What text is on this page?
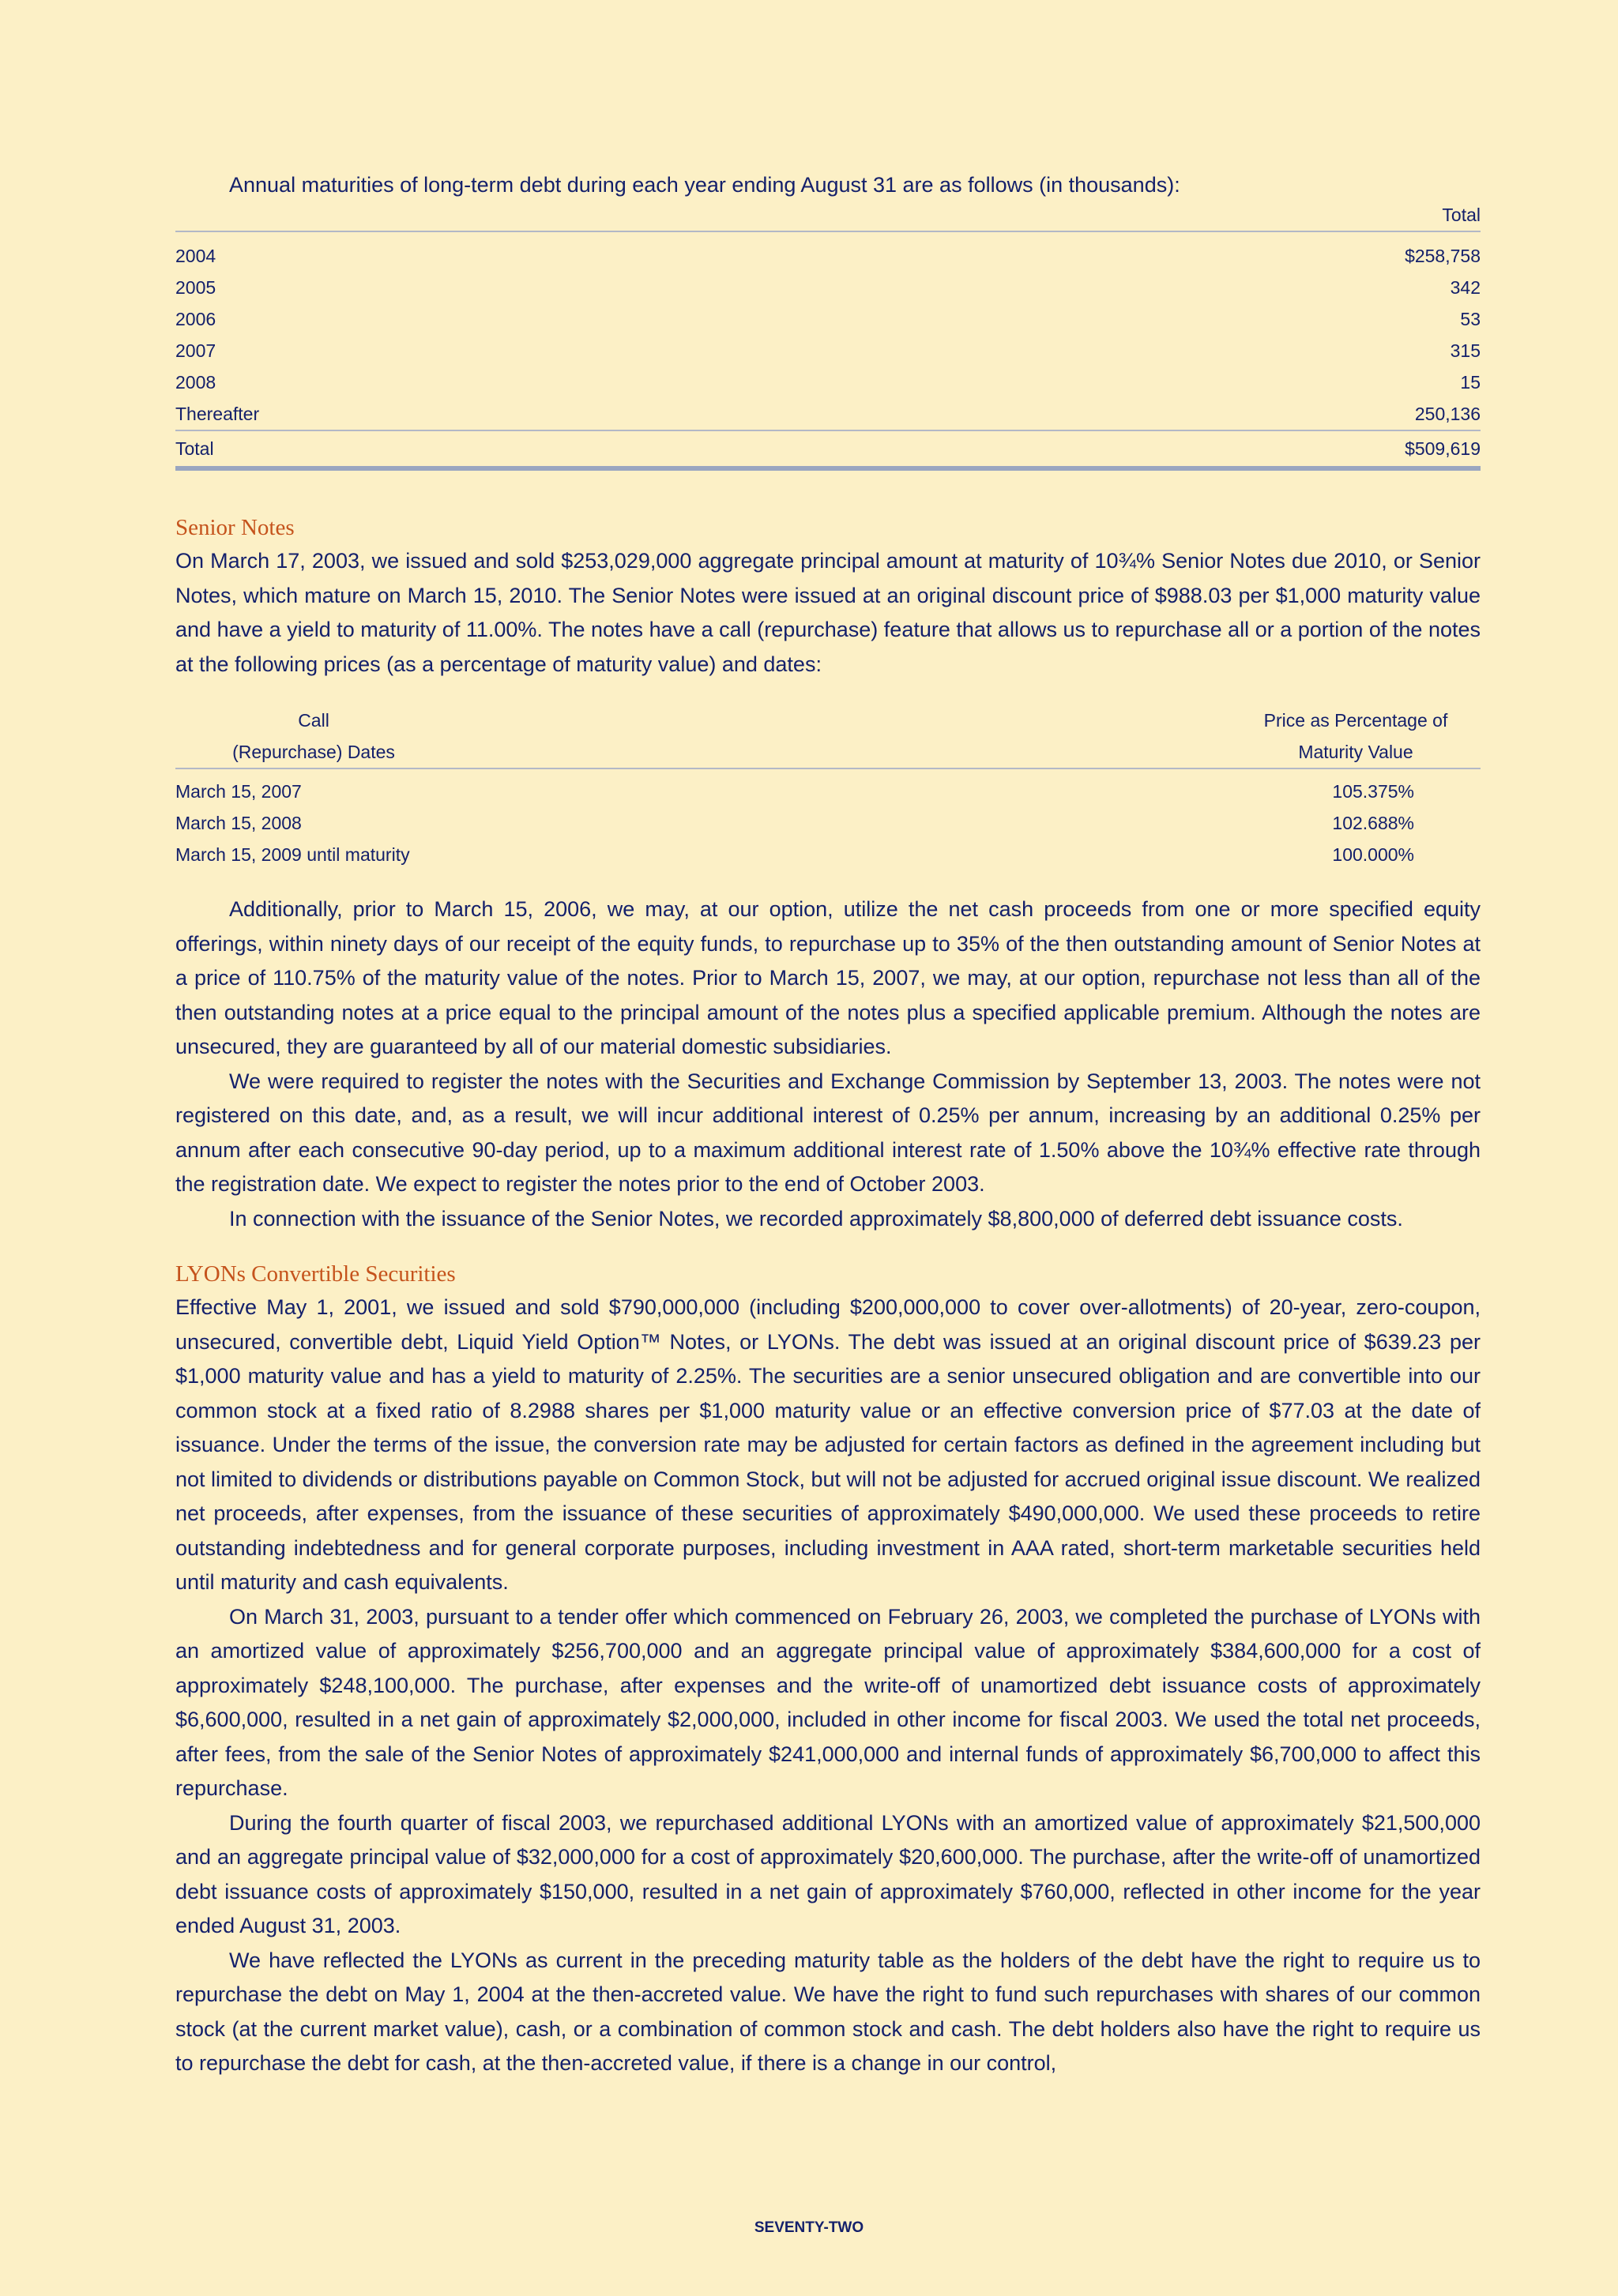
Annual maturities of long-term debt during each year ending August 31 are as follows (in thousands):
Total
2004	$258,758
2005	342
2006	53
2007	315
2008	15
Thereafter	250,136
Total	$509,619
Senior Notes

On March 17, 2003, we issued and sold $253,029,000 aggregate principal amount at maturity of 10¾% Senior Notes due 2010, or Senior Notes, which mature on March 15, 2010. The Senior Notes were issued at an original discount price of $988.03 per $1,000 maturity value and have a yield to maturity of 11.00%. The notes have a call (repurchase) feature that allows us to repurchase all or a portion of the notes at the following prices (as a percentage of maturity value) and dates:

Call
(Repurchase) Dates
Price as Percentage of
Maturity Value
March 15, 2007	105.375%
March 15, 2008	102.688%
March 15, 2009 until maturity	100.000%

Additionally, prior to March 15, 2006, we may, at our option, utilize the net cash proceeds from one or more specified equity offerings, within ninety days of our receipt of the equity funds, to repurchase up to 35% of the then outstanding amount of Senior Notes at a price of 110.75% of the maturity value of the notes. Prior to March 15, 2007, we may, at our option, repurchase not less than all of the then outstanding notes at a price equal to the principal amount of the notes plus a specified applicable premium. Although the notes are unsecured, they are guaranteed by all of our material domestic subsidiaries.

We were required to register the notes with the Securities and Exchange Commission by September 13, 2003. The notes were not registered on this date, and, as a result, we will incur additional interest of 0.25% per annum, increasing by an additional 0.25% per annum after each consecutive 90-day period, up to a maximum additional interest rate of 1.50% above the 10¾% effective rate through the registration date. We expect to register the notes prior to the end of October 2003.

In connection with the issuance of the Senior Notes, we recorded approximately $8,800,000 of deferred debt issuance costs.

LYONs Convertible Securities

Effective May 1, 2001, we issued and sold $790,000,000 (including $200,000,000 to cover over-allotments) of 20-year, zero-coupon, unsecured, convertible debt, Liquid Yield Option™ Notes, or LYONs. The debt was issued at an original discount price of $639.23 per $1,000 maturity value and has a yield to maturity of 2.25%. The securities are a senior unsecured obligation and are convertible into our common stock at a fixed ratio of 8.2988 shares per $1,000 maturity value or an effective conversion price of $77.03 at the date of issuance. Under the terms of the issue, the conversion rate may be adjusted for certain factors as defined in the agreement including but not limited to dividends or distributions payable on Common Stock, but will not be adjusted for accrued original issue discount. We realized net proceeds, after expenses, from the issuance of these securities of approximately $490,000,000. We used these proceeds to retire outstanding indebtedness and for general corporate purposes, including investment in AAA rated, short-term marketable securities held until maturity and cash equivalents.

On March 31, 2003, pursuant to a tender offer which commenced on February 26, 2003, we completed the purchase of LYONs with an amortized value of approximately $256,700,000 and an aggregate principal value of approximately $384,600,000 for a cost of approximately $248,100,000. The purchase, after expenses and the write-off of unamortized debt issuance costs of approximately $6,600,000, resulted in a net gain of approximately $2,000,000, included in other income for fiscal 2003. We used the total net proceeds, after fees, from the sale of the Senior Notes of approximately $241,000,000 and internal funds of approximately $6,700,000 to affect this repurchase.

During the fourth quarter of fiscal 2003, we repurchased additional LYONs with an amortized value of approximately $21,500,000 and an aggregate principal value of $32,000,000 for a cost of approximately $20,600,000. The purchase, after the write-off of unamortized debt issuance costs of approximately $150,000, resulted in a net gain of approximately $760,000, reflected in other income for the year ended August 31, 2003.

We have reflected the LYONs as current in the preceding maturity table as the holders of the debt have the right to require us to repurchase the debt on May 1, 2004 at the then-accreted value. We have the right to fund such repurchases with shares of our common stock (at the current market value), cash, or a combination of common stock and cash. The debt holders also have the right to require us to repurchase the debt for cash, at the then-accreted value, if there is a change in our control,

SEVENTY-TWO
